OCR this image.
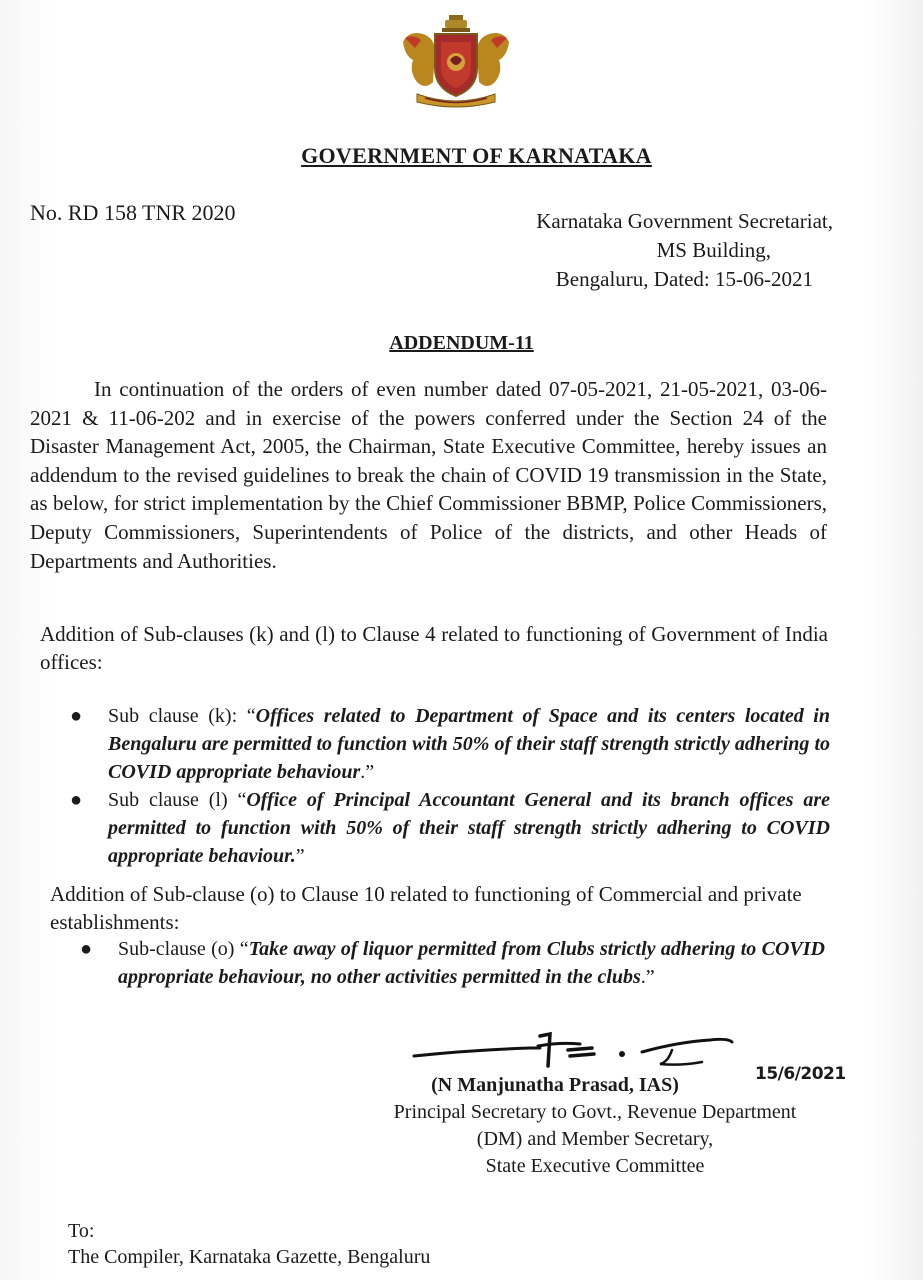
GOVERNMENT OF KARNATAKA
No. RD 158 TNR 2020	Karnataka Government Secretariat,
MS Building,
Bengaluru, Dated: 15-06-2021
ADDENDUM-11
In continuation of the orders of even number dated 07-05-2021, 21-05-2021, 03-06-2021 & 11-06-202 and in exercise of the powers conferred under the Section 24 of the Disaster Management Act, 2005, the Chairman, State Executive Committee, hereby issues an addendum to the revised guidelines to break the chain of COVID 19 transmission in the State, as below, for strict implementation by the Chief Commissioner BBMP, Police Commissioners, Deputy Commissioners, Superintendents of Police of the districts, and other Heads of Departments and Authorities.
Addition of Sub-clauses (k) and (l) to Clause 4 related to functioning of Government of India offices:
● Sub clause (k): “Offices related to Department of Space and its centers located in Bengaluru are permitted to function with 50% of their staff strength strictly adhering to COVID appropriate behaviour.”
● Sub clause (l) “Office of Principal Accountant General and its branch offices are permitted to function with 50% of their staff strength strictly adhering to COVID appropriate behaviour.”
Addition of Sub-clause (o) to Clause 10 related to functioning of Commercial and private establishments:
● Sub-clause (o) “Take away of liquor permitted from Clubs strictly adhering to COVID appropriate behaviour, no other activities permitted in the clubs.”
15/6/2021
(N Manjunatha Prasad, IAS)
Principal Secretary to Govt., Revenue Department
(DM) and Member Secretary,
State Executive Committee
To:
The Compiler, Karnataka Gazette, Bengaluru
